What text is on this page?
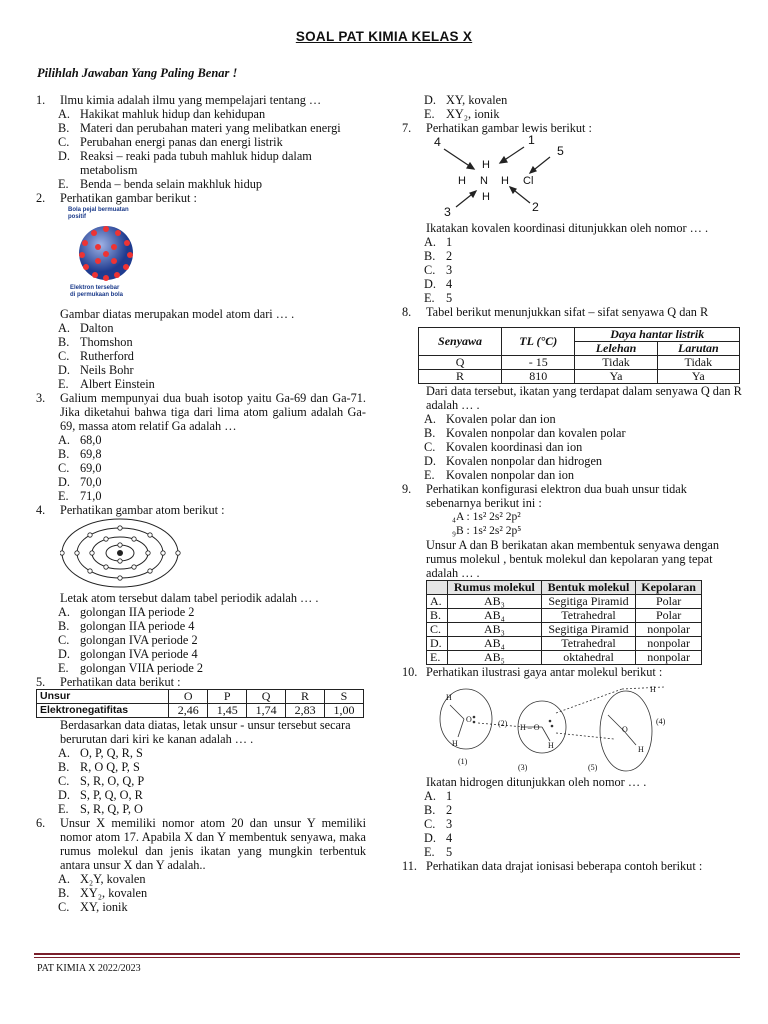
SOAL PAT KIMIA KELAS X
Pilihlah Jawaban Yang Paling Benar !
1. Ilmu kimia adalah ilmu yang mempelajari tentang …
A. Hakikat mahluk hidup dan kehidupan
B. Materi dan perubahan materi yang melibatkan energi
C. Perubahan energi panas dan energi listrik
D. Reaksi – reaki pada tubuh mahluk hidup dalam metabolism
E. Benda – benda selain makhluk hidup
2. Perhatikan gambar berikut :
Bola pejal bermuatan positif
Elektron tersebar
di permukaan bola
Gambar diatas merupakan model atom dari … .
A. Dalton
B. Thomshon
C. Rutherford
D. Neils Bohr
E. Albert Einstein
3. Galium mempunyai dua buah isotop yaitu Ga-69 dan Ga-71. Jika diketahui bahwa tiga dari lima atom galium adalah Ga-69, massa atom relatif Ga adalah …
A. 68,0
B. 69,8
C. 69,0
D. 70,0
E. 71,0
4. Perhatikan gambar atom berikut :
Letak atom tersebut dalam tabel periodik adalah … .
A. golongan IIA periode 2
B. golongan IIA periode 4
C. golongan IVA periode 2
D. golongan IVA periode 4
E. golongan VIIA periode 2
5. Perhatikan data berikut :
Unsur	O	P	Q	R	S
Elektronegatifitas	2,46	1,45	1,74	2,83	1,00
Berdasarkan data diatas, letak unsur - unsur tersebut secara berurutan dari kiri ke kanan adalah … .
A. O, P, Q, R, S
B. R, O Q, P, S
C. S, R, O, Q, P
D. S, P, Q, O, R
E. S, R, Q, P, O
6. Unsur X memiliki nomor atom 20 dan unsur Y memiliki nomor atom 17. Apabila X dan Y membentuk senyawa, maka rumus molekul dan jenis ikatan yang mungkin terbentuk antara unsur X dan Y adalah..
A. X₂Y, kovalen
B. XY₂, kovalen
C. XY, ionik
D. XY, kovalen
E. XY₂, ionik
7. Perhatikan gambar lewis berikut :
4	1
5
3	2
H
H N H Cl
H
Ikatakan kovalen koordinasi ditunjukkan oleh nomor … .
A. 1
B. 2
C. 3
D. 4
E. 5
8. Tabel berikut menunjukkan sifat – sifat senyawa Q dan R
Senyawa	TL (°C)	Daya hantar listrik	
		Lelehan	Larutan
Q	- 15	Tidak	Tidak
R	810	Ya	Ya
Dari data tersebut, ikatan yang terdapat dalam senyawa Q dan R adalah … .
A. Kovalen polar dan ion
B. Kovalen nonpolar dan kovalen polar
C. Kovalen koordinasi dan ion
D. Kovalen nonpolar dan hidrogen
E. Kovalen nonpolar dan ion
9. Perhatikan konfigurasi elektron dua buah unsur tidak sebenarnya berikut ini :
₄A : 1s² 2s² 2p²
₉B : 1s² 2s² 2p⁵
Unsur A dan B berikatan akan membentuk senyawa dengan rumus molekul , bentuk molekul dan kepolaran yang tepat adalah … .
	Rumus molekul	Bentuk molekul	Kepolaran
A.	AB₃	Segitiga Piramid	Polar
B.	AB₄	Tetrahedral	Polar
C.	AB₃	Segitiga Piramid	nonpolar
D.	AB₄	Tetrahedral	nonpolar
E.	AB₅	oktahedral	nonpolar
10. Perhatikan ilustrasi gaya antar molekul berikut :
H
O
H
H – O
H
H
O
H
(1)
(2)
(3)
(4)
(5)
Ikatan hidrogen ditunjukkan oleh nomor … .
A. 1
B. 2
C. 3
D. 4
E. 5
11. Perhatikan data drajat ionisasi beberapa contoh berikut :
PAT KIMIA X 2022/2023
